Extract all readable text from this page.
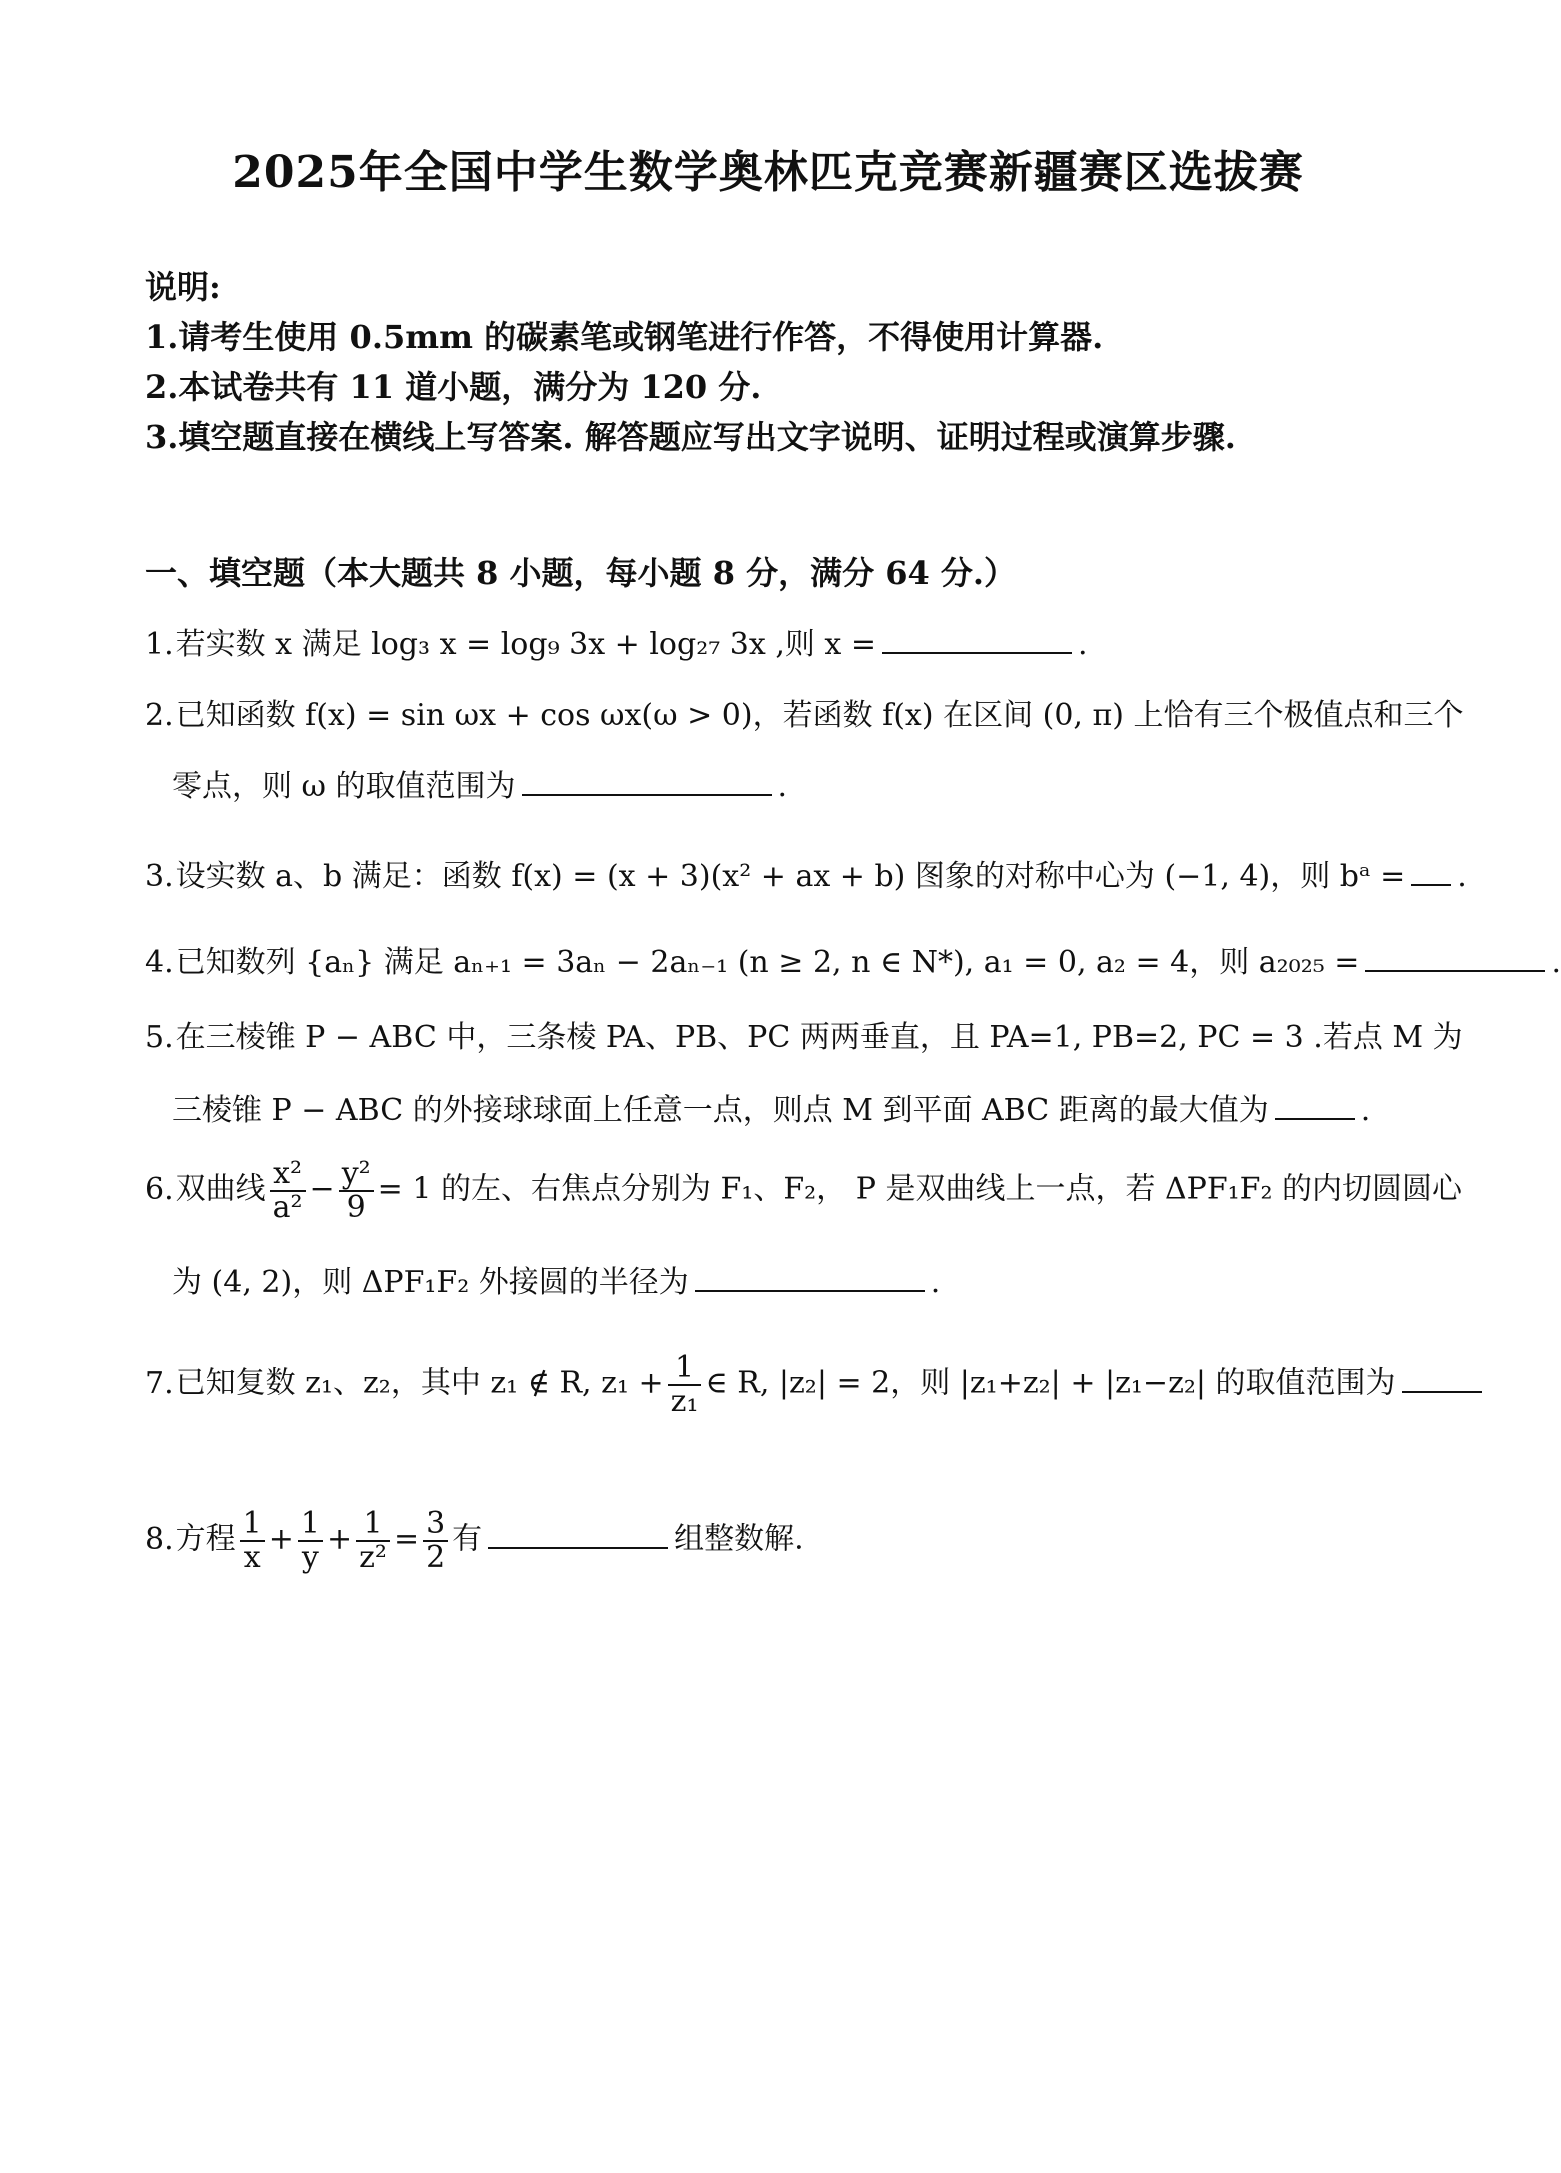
2025年全国中学生数学奥林匹克竞赛新疆赛区选拔赛
说明:
1.请考生使用 0.5mm 的碳素笔或钢笔进行作答，不得使用计算器.
2.本试卷共有 11 道小题，满分为 120 分.
3.填空题直接在横线上写答案. 解答题应写出文字说明、证明过程或演算步骤.
一、填空题（本大题共 8 小题，每小题 8 分，满分 64 分.）
1.若实数 x 满足 log₃ x = log₉ 3x + log₂₇ 3x ,则 x =	.
2.已知函数 f(x) = sin ωx + cos ωx(ω > 0)，若函数 f(x) 在区间 (0, π) 上恰有三个极值点和三个
零点，则 ω 的取值范围为	.
3.设实数 a、b 满足：函数 f(x) = (x + 3)(x² + ax + b) 图象的对称中心为 (−1, 4)，则 bᵃ = .
4.已知数列 {aₙ} 满足 aₙ₊₁ = 3aₙ − 2aₙ₋₁ (n ≥ 2, n ∈ N*), a₁ = 0, a₂ = 4，则 a₂₀₂₅ =	.
5.在三棱锥 P − ABC 中，三条棱 PA、PB、PC 两两垂直，且 PA=1, PB=2, PC = 3 .若点 M 为
三棱锥 P − ABC 的外接球球面上任意一点，则点 M 到平面 ABC 距离的最大值为	.
6.双曲线 $\frac{\text{x²}}{\text{a²}} - \frac{\text{y²}}{9} = 1$ 的左、右焦点分别为 F₁、F₂， P 是双曲线上一点，若 ΔPF₁F₂ 的内切圆圆心
为 (4, 2)，则 ΔPF₁F₂ 外接圆的半径为	.
7.已知复数 z₁、z₂，其中 z₁ ∉ R, $z_1 + \frac{1}{\text{z₁}}$ ∈ R, |z₂| = 2，则 |z₁+z₂| + |z₁−z₂| 的取值范围为
8.方程 $\frac{1}{x} + \frac{1}{y} + \frac{1}{\text{z²}} = \frac{3}{2}$ 有	组整数解.
